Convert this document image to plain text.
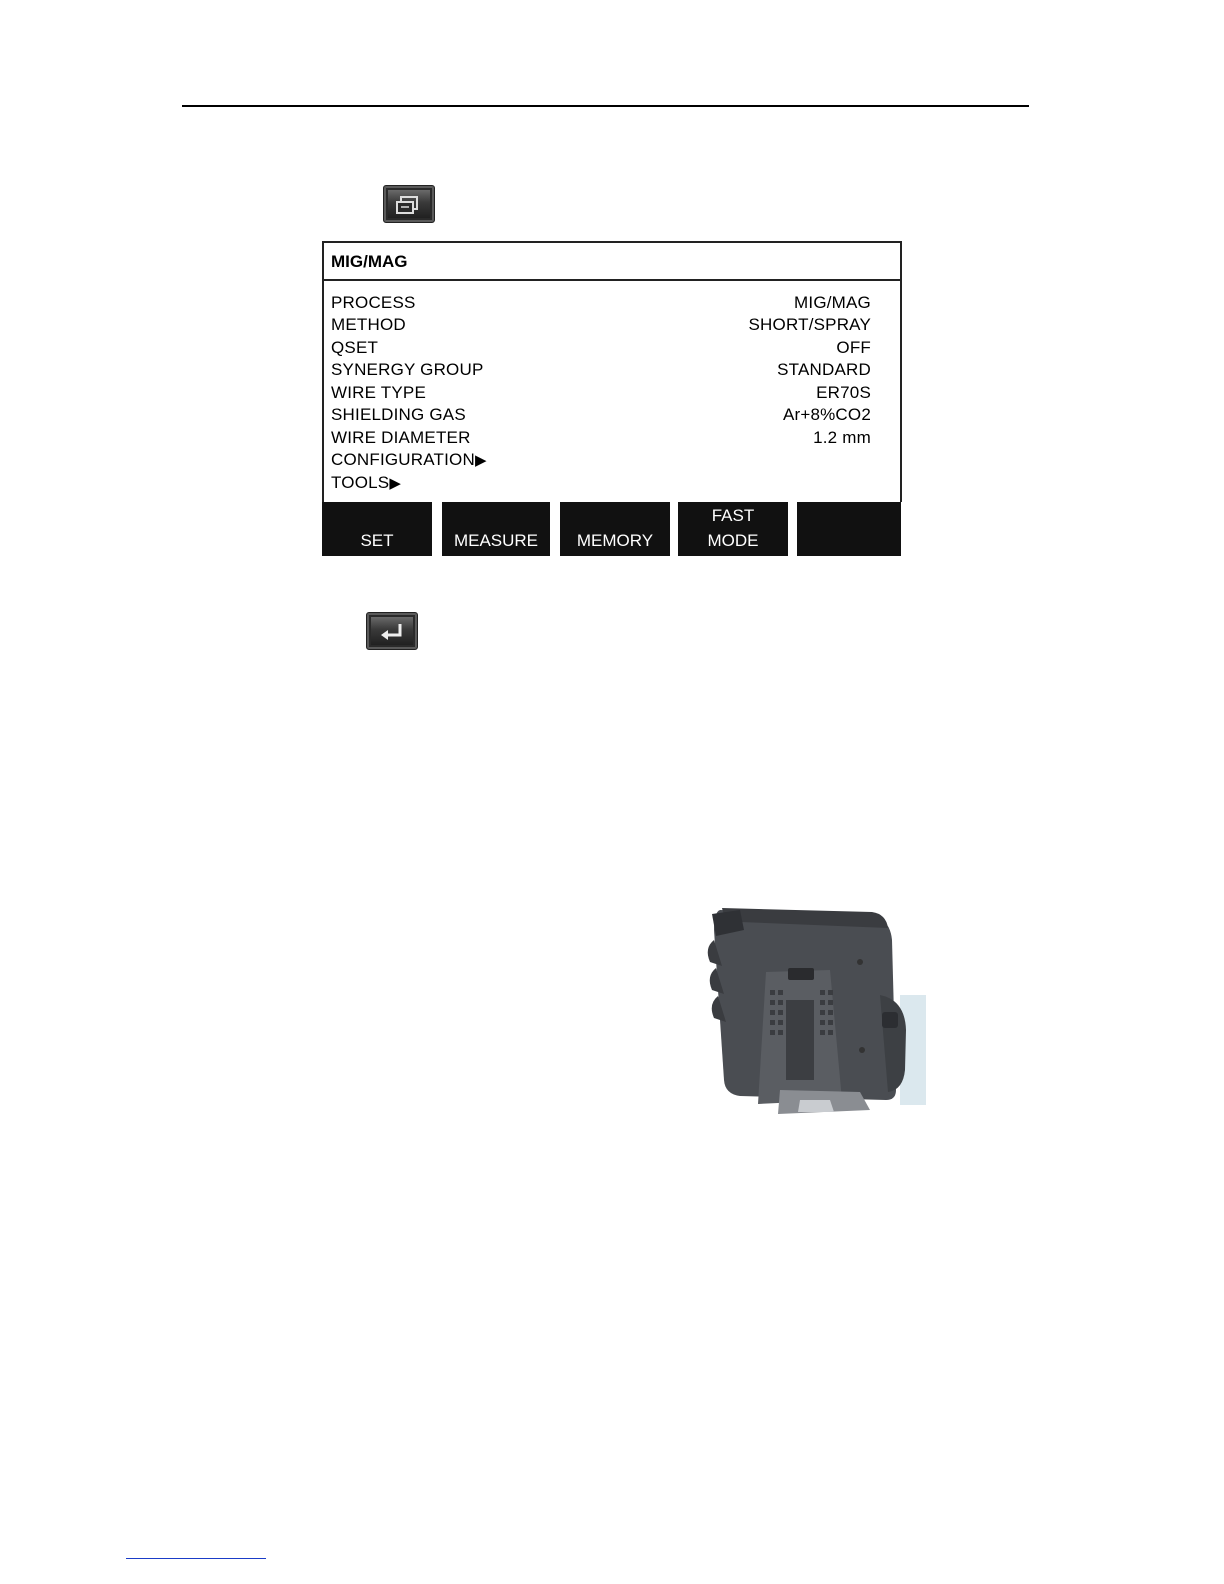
MIG/MAG
PROCESS	MIG/MAG
METHOD	SHORT/SPRAY
QSET	OFF
SYNERGY GROUP	STANDARD
WIRE TYPE	ER70S
SHIELDING GAS	Ar+8%CO2
WIRE DIAMETER	1.2 mm
CONFIGURATION▶
TOOLS▶
SET	MEASURE	MEMORY
FAST
MODE
